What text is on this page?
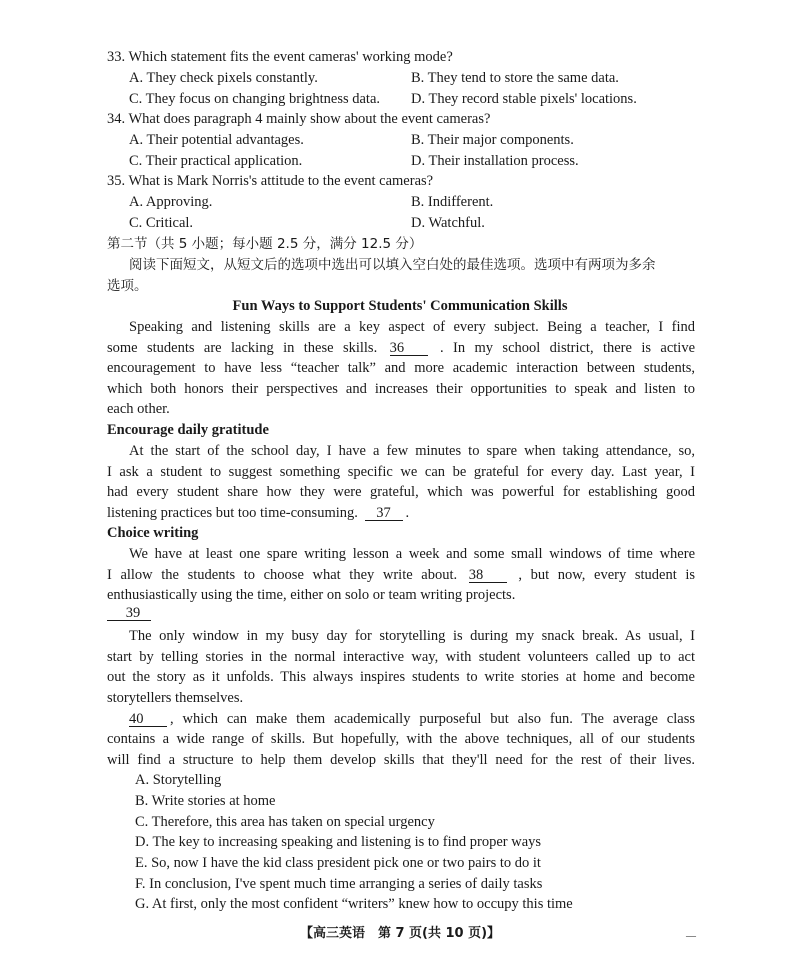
33. Which statement fits the event cameras' working mode?
A. They check pixels constantly.	B. They tend to store the same data.
C. They focus on changing brightness data. D. They record stable pixels' locations.
34. What does paragraph 4 mainly show about the event cameras?
A. Their potential advantages.	B. Their major components.
C. Their practical application.	D. Their installation process.
35. What is Mark Norris's attitude to the event cameras?
A. Approving.	B. Indifferent.
C. Critical.	D. Watchful.
第二节（共 5 小题；每小题 2.5 分，满分 12.5 分）
阅读下面短文，从短文后的选项中选出可以填入空白处的最佳选项。选项中有两项为多余
选项。
Fun Ways to Support Students' Communication Skills
Speaking and listening skills are a key aspect of every subject. Being a teacher, I find
some students are lacking in these skills. 36 . In my school district, there is active
encouragement to have less “teacher talk” and more academic interaction between students,
which both honors their perspectives and increases their opportunities to speak and listen to
each other.
Encourage daily gratitude
At the start of the school day, I have a few minutes to spare when taking attendance, so,
I ask a student to suggest something specific we can be grateful for every day. Last year, I
had every student share how they were grateful, which was powerful for establishing good
listening practices but too time-consuming. 37 .
Choice writing
We have at least one spare writing lesson a week and some small windows of time where
I allow the students to choose what they write about. 38 , but now, every student is
enthusiastically using the time, either on solo or team writing projects.
39
The only window in my busy day for storytelling is during my snack break. As usual, I
start by telling stories in the normal interactive way, with student volunteers called up to act
out the story as it unfolds. This always inspires students to write stories at home and become
storytellers themselves.
40 , which can make them academically purposeful but also fun. The average class
contains a wide range of skills. But hopefully, with the above techniques, all of our students
will find a structure to help them develop skills that they'll need for the rest of their lives.
A. Storytelling
B. Write stories at home
C. Therefore, this area has taken on special urgency
D. The key to increasing speaking and listening is to find proper ways
E. So, now I have the kid class president pick one or two pairs to do it
F. In conclusion, I've spent much time arranging a series of daily tasks
G. At first, only the most confident “writers” knew how to occupy this time
【高三英语　第 7 页(共 10 页)】	—
